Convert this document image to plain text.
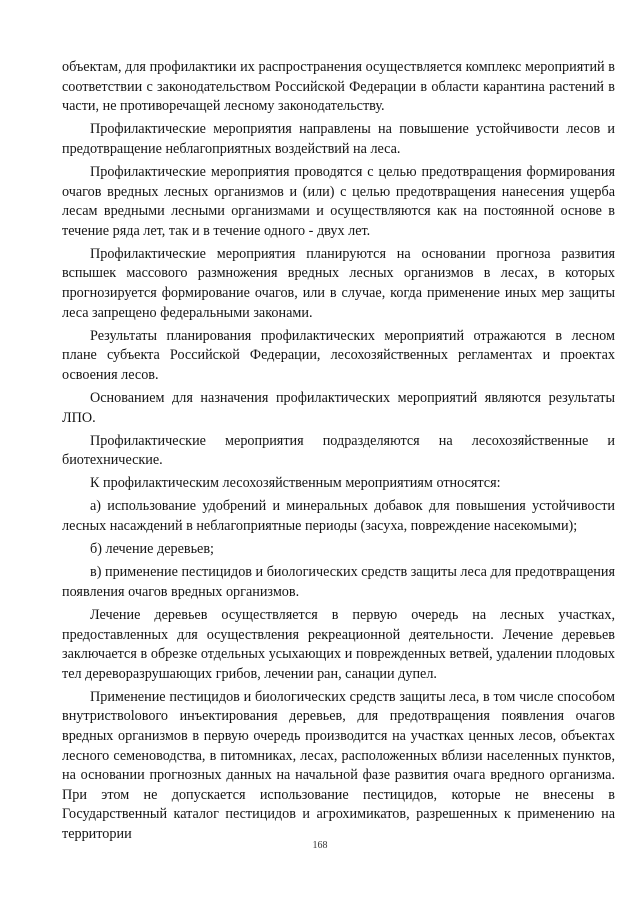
объектам, для профилактики их распространения осуществляется комплекс мероприятий в соответствии с законодательством Российской Федерации в области карантина растений в части, не противоречащей лесному законодательству.

Профилактические мероприятия направлены на повышение устойчивости лесов и предотвращение неблагоприятных воздействий на леса.

Профилактические мероприятия проводятся с целью предотвращения формирования очагов вредных лесных организмов и (или) с целью предотвращения нанесения ущерба лесам вредными лесными организмами и осуществляются как на постоянной основе в течение ряда лет, так и в течение одного - двух лет.

Профилактические мероприятия планируются на основании прогноза развития вспышек массового размножения вредных лесных организмов в лесах, в которых прогнозируется формирование очагов, или в случае, когда применение иных мер защиты леса запрещено федеральными законами.

Результаты планирования профилактических мероприятий отражаются в лесном плане субъекта Российской Федерации, лесохозяйственных регламентах и проектах освоения лесов.

Основанием для назначения профилактических мероприятий являются результаты ЛПО.

Профилактические мероприятия подразделяются на лесохозяйственные и биотехнические.

К профилактическим лесохозяйственным мероприятиям относятся:

а) использование удобрений и минеральных добавок для повышения устойчивости лесных насаждений в неблагоприятные периоды (засуха, повреждение насекомыми);

б) лечение деревьев;

в) применение пестицидов и биологических средств защиты леса для предотвращения появления очагов вредных организмов.

Лечение деревьев осуществляется в первую очередь на лесных участках, предоставленных для осуществления рекреационной деятельности. Лечение деревьев заключается в обрезке отдельных усыхающих и поврежденных ветвей, удалении плодовых тел дереворазрушающих грибов, лечении ран, санации дупел.

Применение пестицидов и биологических средств защиты леса, в том числе способом внутриствolового инъектирования деревьев, для предотвращения появления очагов вредных организмов в первую очередь производится на участках ценных лесов, объектах лесного семеноводства, в питомниках, лесах, расположенных вблизи населенных пунктов, на основании прогнозных данных на начальной фазе развития очага вредного организма. При этом не допускается использование пестицидов, которые не внесены в Государственный каталог пестицидов и агрохимикатов, разрешенных к применению на территории

168
